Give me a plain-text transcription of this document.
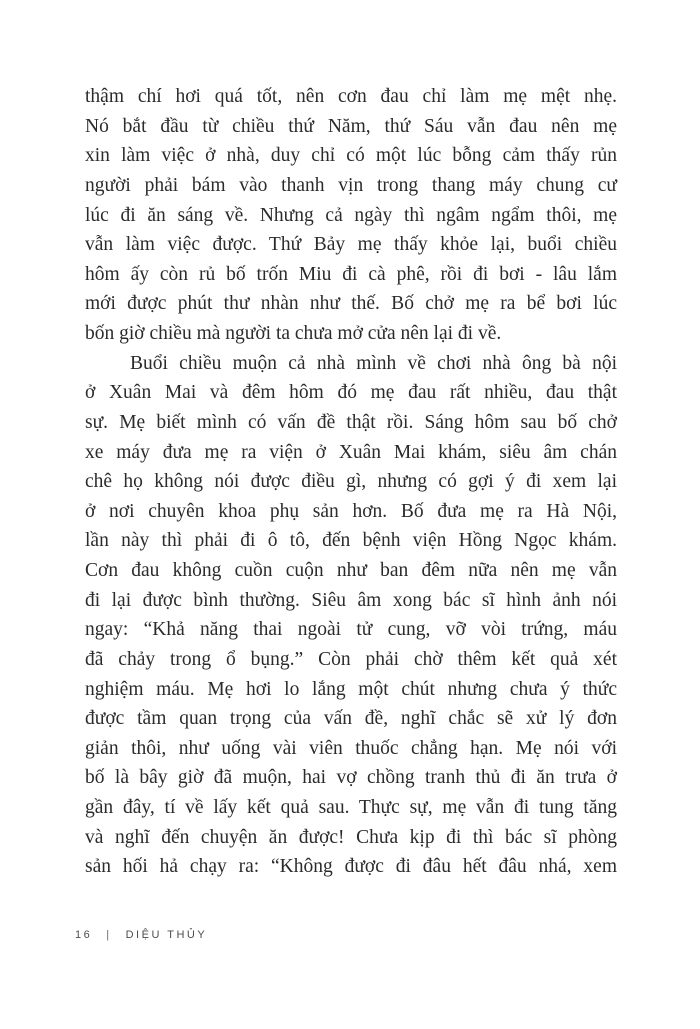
thậm chí hơi quá tốt, nên cơn đau chỉ làm mẹ mệt nhẹ.
Nó bắt đầu từ chiều thứ Năm, thứ Sáu vẫn đau nên mẹ
xin làm việc ở nhà, duy chỉ có một lúc bỗng cảm thấy rủn
người phải bám vào thanh vịn trong thang máy chung cư
lúc đi ăn sáng về. Nhưng cả ngày thì ngâm ngẩm thôi, mẹ
vẫn làm việc được. Thứ Bảy mẹ thấy khỏe lại, buổi chiều
hôm ấy còn rủ bố trốn Miu đi cà phê, rồi đi bơi - lâu lắm
mới được phút thư nhàn như thế. Bố chở mẹ ra bể bơi lúc
bốn giờ chiều mà người ta chưa mở cửa nên lại đi về.
Buổi chiều muộn cả nhà mình về chơi nhà ông bà nội
ở Xuân Mai và đêm hôm đó mẹ đau rất nhiều, đau thật
sự. Mẹ biết mình có vấn đề thật rồi. Sáng hôm sau bố chở
xe máy đưa mẹ ra viện ở Xuân Mai khám, siêu âm chán
chê họ không nói được điều gì, nhưng có gợi ý đi xem lại
ở nơi chuyên khoa phụ sản hơn. Bố đưa mẹ ra Hà Nội,
lần này thì phải đi ô tô, đến bệnh viện Hồng Ngọc khám.
Cơn đau không cuồn cuộn như ban đêm nữa nên mẹ vẫn
đi lại được bình thường. Siêu âm xong bác sĩ hình ảnh nói
ngay: “Khả năng thai ngoài tử cung, vỡ vòi trứng, máu
đã chảy trong ổ bụng.” Còn phải chờ thêm kết quả xét
nghiệm máu. Mẹ hơi lo lắng một chút nhưng chưa ý thức
được tầm quan trọng của vấn đề, nghĩ chắc sẽ xử lý đơn
giản thôi, như uống vài viên thuốc chẳng hạn. Mẹ nói với
bố là bây giờ đã muộn, hai vợ chồng tranh thủ đi ăn trưa ở
gần đây, tí về lấy kết quả sau. Thực sự, mẹ vẫn đi tung tăng
và nghĩ đến chuyện ăn được! Chưa kịp đi thì bác sĩ phòng
sản hối hả chạy ra: “Không được đi đâu hết đâu nhá, xem
16 | DIỆU THỦY
